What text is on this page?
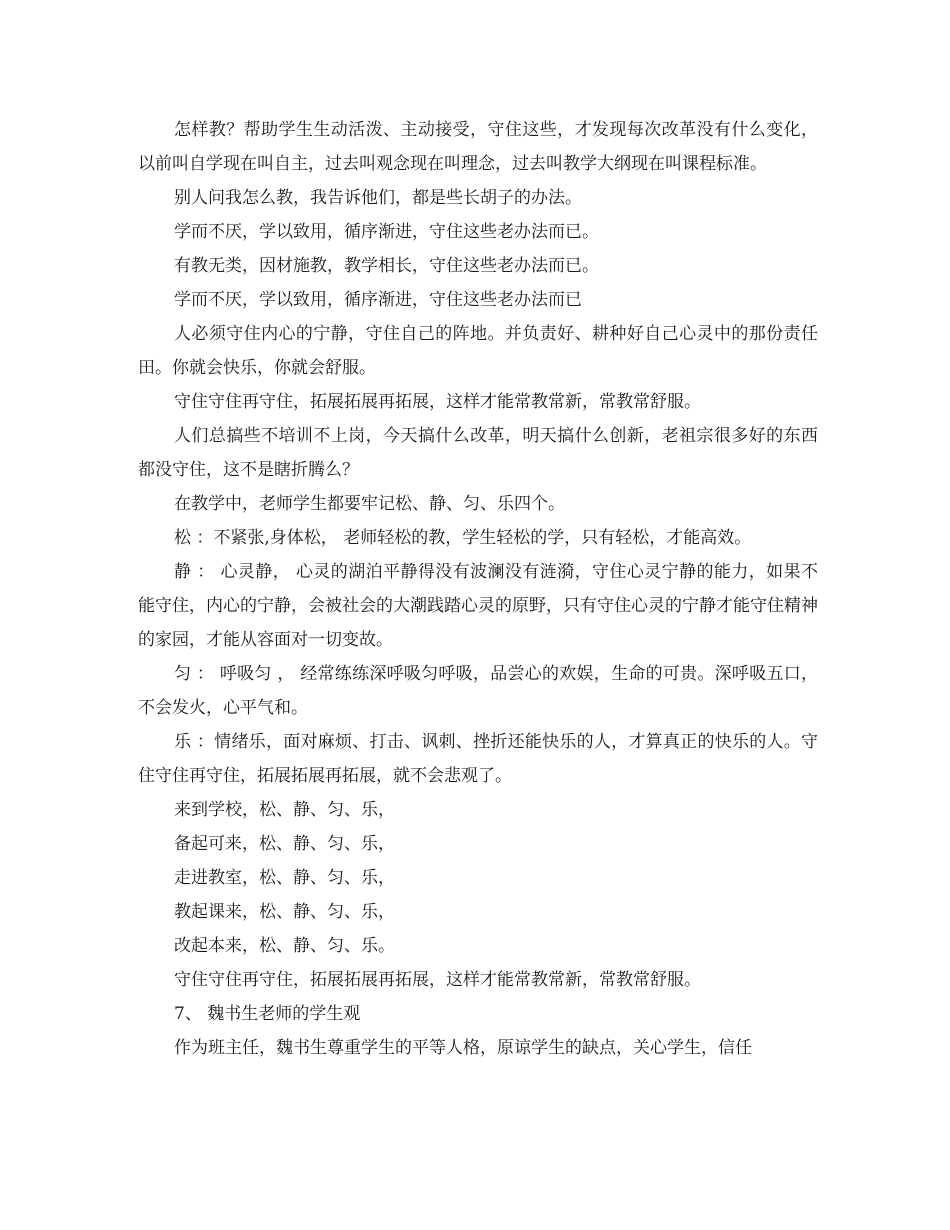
怎样教？帮助学生生动活泼、主动接受，守住这些，才发现每次改革没有什么变化，以前叫自学现在叫自主，过去叫观念现在叫理念，过去叫教学大纲现在叫课程标准。

别人问我怎么教，我告诉他们，都是些长胡子的办法。

学而不厌，学以致用，循序渐进，守住这些老办法而已。

有教无类，因材施教，教学相长，守住这些老办法而已。

学而不厌，学以致用，循序渐进，守住这些老办法而已

人必须守住内心的宁静，守住自己的阵地。并负责好、耕种好自己心灵中的那份责任田。你就会快乐，你就会舒服。

守住守住再守住，拓展拓展再拓展，这样才能常教常新，常教常舒服。

人们总搞些不培训不上岗，今天搞什么改革，明天搞什么创新，老祖宗很多好的东西都没守住，这不是瞎折腾么？

在教学中，老师学生都要牢记松、静、匀、乐四个。

松 ：不紧张,身体松， 老师轻松的教，学生轻松的学，只有轻松，才能高效。

静 ： 心灵静， 心灵的湖泊平静得没有波澜没有涟漪，守住心灵宁静的能力，如果不能守住，内心的宁静，会被社会的大潮践踏心灵的原野，只有守住心灵的宁静才能守住精神的家园，才能从容面对一切变故。

匀 ： 呼吸匀 ， 经常练练深呼吸匀呼吸，品尝心的欢娱，生命的可贵。深呼吸五口，不会发火，心平气和。

乐 ：情绪乐，面对麻烦、打击、讽刺、挫折还能快乐的人，才算真正的快乐的人。守住守住再守住，拓展拓展再拓展，就不会悲观了。

来到学校，松、静、匀、乐，
备起可来，松、静、匀、乐，
走进教室，松、静、匀、乐，
教起课来，松、静、匀、乐，
改起本来，松、静、匀、乐。

守住守住再守住，拓展拓展再拓展，这样才能常教常新，常教常舒服。

7、 魏书生老师的学生观

作为班主任，魏书生尊重学生的平等人格，原谅学生的缺点，关心学生，信任
